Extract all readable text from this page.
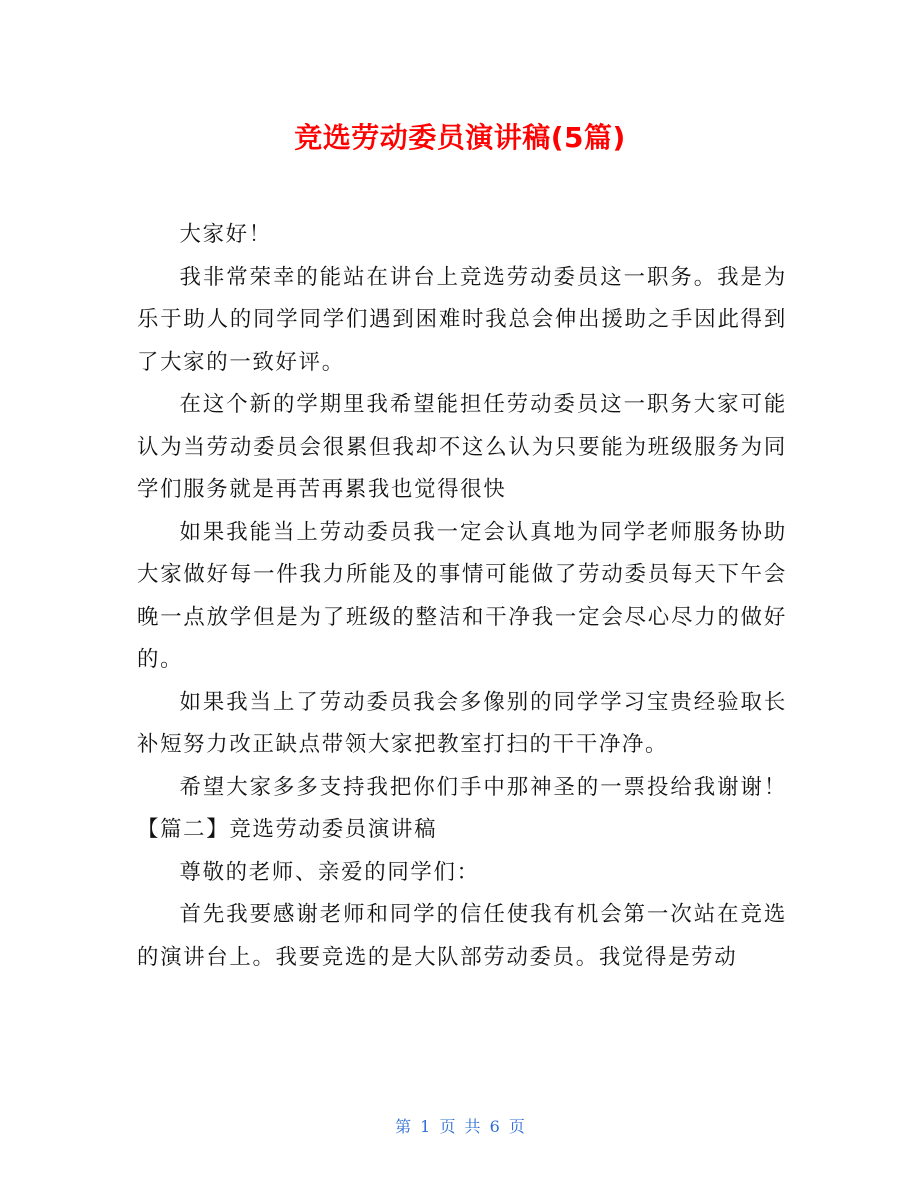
竞选劳动委员演讲稿(5篇)

大家好！

我非常荣幸的能站在讲台上竞选劳动委员这一职务。我是为乐于助人的同学同学们遇到困难时我总会伸出援助之手因此得到了大家的一致好评。

在这个新的学期里我希望能担任劳动委员这一职务大家可能认为当劳动委员会很累但我却不这么认为只要能为班级服务为同学们服务就是再苦再累我也觉得很快

如果我能当上劳动委员我一定会认真地为同学老师服务协助大家做好每一件我力所能及的事情可能做了劳动委员每天下午会晚一点放学但是为了班级的整洁和干净我一定会尽心尽力的做好的。

如果我当上了劳动委员我会多像别的同学学习宝贵经验取长补短努力改正缺点带领大家把教室打扫的干干净净。

希望大家多多支持我把你们手中那神圣的一票投给我谢谢！【篇二】竞选劳动委员演讲稿

尊敬的老师、亲爱的同学们：

首先我要感谢老师和同学的信任使我有机会第一次站在竞选的演讲台上。我要竞选的是大队部劳动委员。我觉得是劳动

第 1 页 共 6 页
